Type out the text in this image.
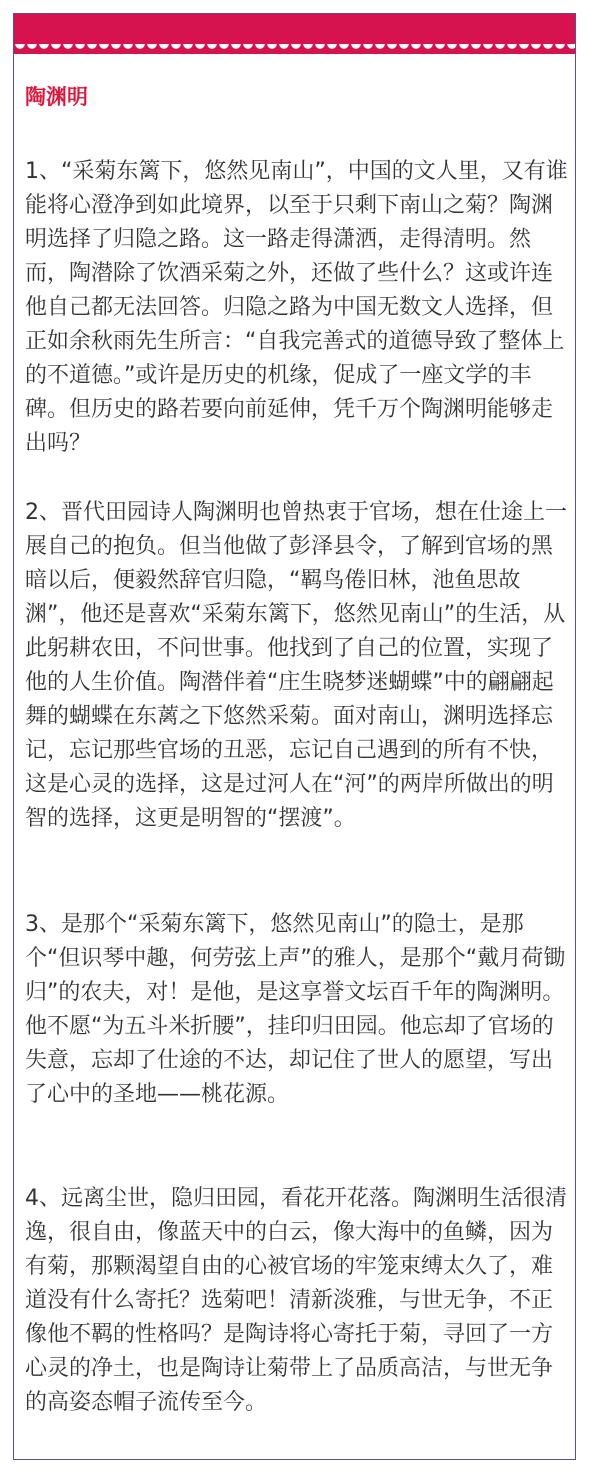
陶渊明

1、“采菊东篱下，悠然见南山”，中国的文人里，又有谁能将心澄净到如此境界，以至于只剩下南山之菊？陶渊明选择了归隐之路。这一路走得潇洒，走得清明。然而，陶潜除了饮酒采菊之外，还做了些什么？这或许连他自己都无法回答。归隐之路为中国无数文人选择，但正如余秋雨先生所言：“自我完善式的道德导致了整体上的不道德。”或许是历史的机缘，促成了一座文学的丰碑。但历史的路若要向前延伸，凭千万个陶渊明能够走出吗？

2、晋代田园诗人陶渊明也曾热衷于官场，想在仕途上一展自己的抱负。但当他做了彭泽县令，了解到官场的黑暗以后，便毅然辞官归隐，“羁鸟倦旧林，池鱼思故渊”，他还是喜欢“采菊东篱下，悠然见南山”的生活，从此躬耕农田，不问世事。他找到了自己的位置，实现了他的人生价值。陶潜伴着“庄生晓梦迷蝴蝶”中的翩翩起舞的蝴蝶在东蓠之下悠然采菊。面对南山，渊明选择忘记，忘记那些官场的丑恶，忘记自己遇到的所有不快，这是心灵的选择，这是过河人在“河”的两岸所做出的明智的选择，这更是明智的“摆渡”。

3、是那个“采菊东篱下，悠然见南山”的隐士，是那个“但识琴中趣，何劳弦上声”的雅人，是那个“戴月荷锄归”的农夫，对！是他，是这享誉文坛百千年的陶渊明。他不愿“为五斗米折腰”，挂印归田园。他忘却了官场的失意，忘却了仕途的不达，却记住了世人的愿望，写出了心中的圣地——桃花源。

4、远离尘世，隐归田园，看花开花落。陶渊明生活很清逸，很自由，像蓝天中的白云，像大海中的鱼鳞，因为有菊，那颗渴望自由的心被官场的牢笼束缚太久了，难道没有什么寄托？选菊吧！清新淡雅，与世无争，不正像他不羁的性格吗？是陶诗将心寄托于菊，寻回了一方心灵的净土，也是陶诗让菊带上了品质高洁，与世无争的高姿态帽子流传至今。
